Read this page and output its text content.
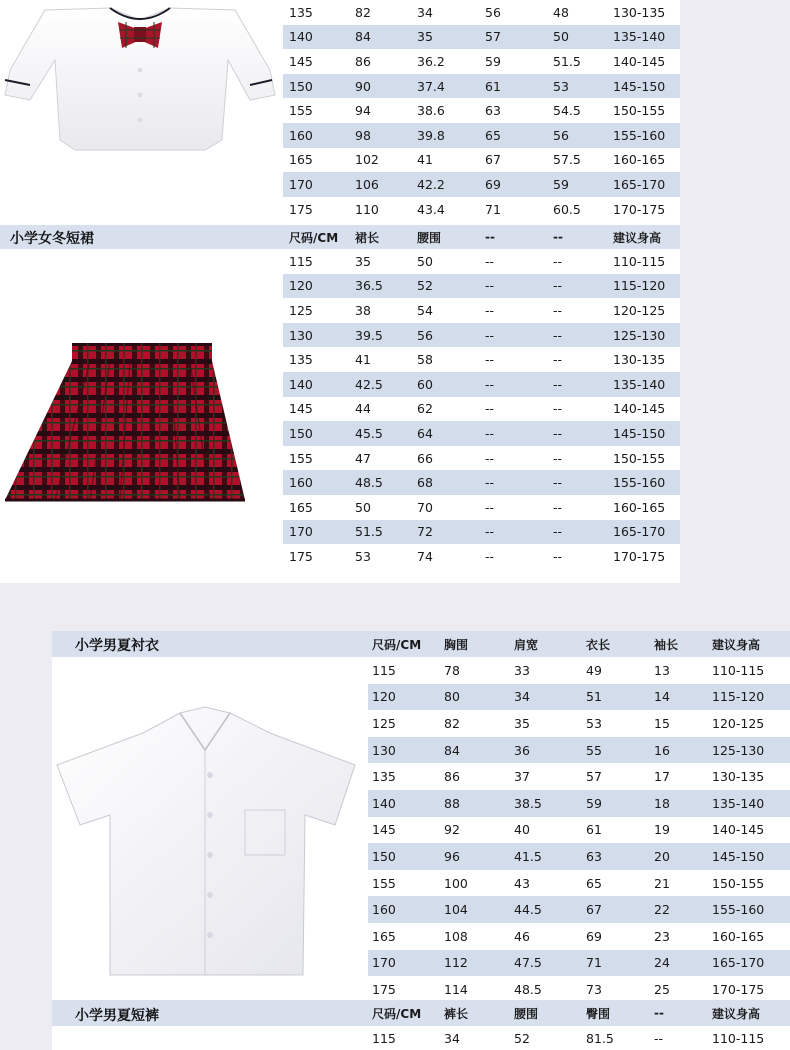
135	82	34	56	48	130-135
140	84	35	57	50	135-140
145	86	36.2	59	51.5	140-145
150	90	37.4	61	53	145-150
155	94	38.6	63	54.5	150-155
160	98	39.8	65	56	155-160
165	102	41	67	57.5	160-165
170	106	42.2	69	59	165-170
175	110	43.4	71	60.5	170-175
小学女冬短裙	尺码/CM	裙长	腰围	--	--	建议身高
115	35	50	--	--	110-115
120	36.5	52	--	--	115-120
125	38	54	--	--	120-125
130	39.5	56	--	--	125-130
135	41	58	--	--	130-135
140	42.5	60	--	--	135-140
145	44	62	--	--	140-145
150	45.5	64	--	--	145-150
155	47	66	--	--	150-155
160	48.5	68	--	--	155-160
165	50	70	--	--	160-165
170	51.5	72	--	--	165-170
175	53	74	--	--	170-175
小学男夏衬衣	尺码/CM	胸围	肩宽	衣长	袖长	建议身高
115	78	33	49	13	110-115
120	80	34	51	14	115-120
125	82	35	53	15	120-125
130	84	36	55	16	125-130
135	86	37	57	17	130-135
140	88	38.5	59	18	135-140
145	92	40	61	19	140-145
150	96	41.5	63	20	145-150
155	100	43	65	21	150-155
160	104	44.5	67	22	155-160
165	108	46	69	23	160-165
170	112	47.5	71	24	165-170
175	114	48.5	73	25	170-175
小学男夏短裤	尺码/CM	裤长	腰围	臀围	--	建议身高
115	34	52	81.5	--	110-115
